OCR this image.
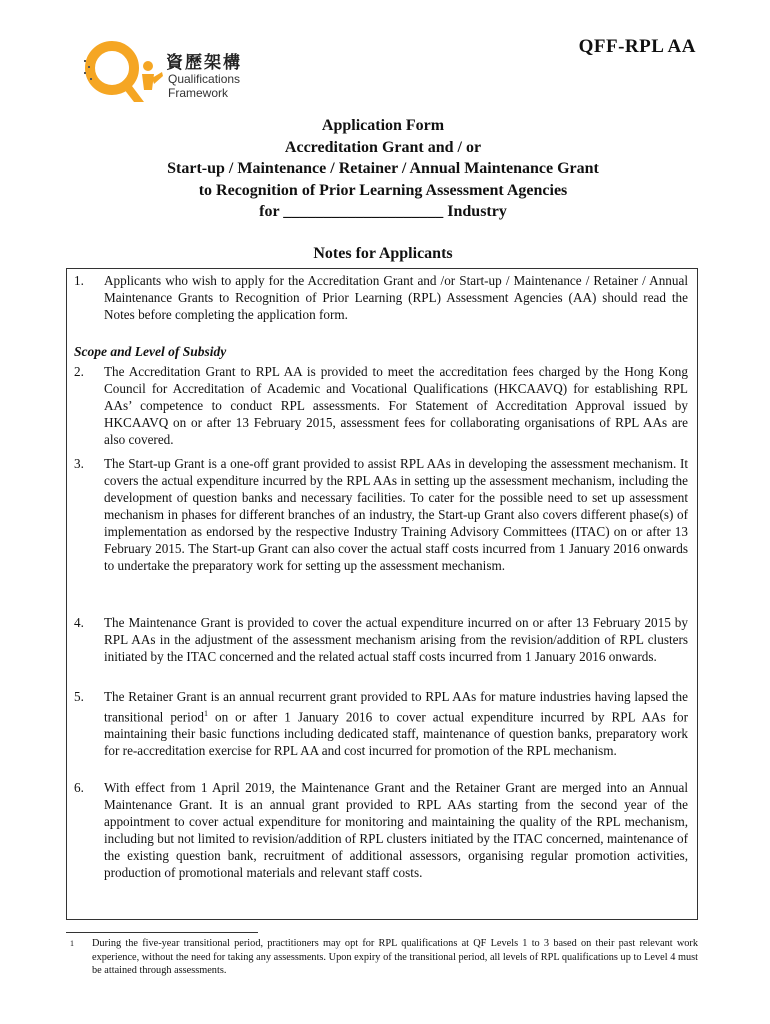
資歷架構
Qualifications
Framework
QFF-RPL AA
Application Form
Accreditation Grant and / or
Start-up / Maintenance / Retainer / Annual Maintenance Grant
to Recognition of Prior Learning Assessment Agencies
for ____________________ Industry
Notes for Applicants
1. Applicants who wish to apply for the Accreditation Grant and /or Start-up / Maintenance / Retainer / Annual Maintenance Grants to Recognition of Prior Learning (RPL) Assessment Agencies (AA) should read the Notes before completing the application form.
Scope and Level of Subsidy
2. The Accreditation Grant to RPL AA is provided to meet the accreditation fees charged by the Hong Kong Council for Accreditation of Academic and Vocational Qualifications (HKCAAVQ) for establishing RPL AAs’ competence to conduct RPL assessments. For Statement of Accreditation Approval issued by HKCAAVQ on or after 13 February 2015, assessment fees for collaborating organisations of RPL AAs are also covered.
3. The Start-up Grant is a one-off grant provided to assist RPL AAs in developing the assessment mechanism. It covers the actual expenditure incurred by the RPL AAs in setting up the assessment mechanism, including the development of question banks and necessary facilities. To cater for the possible need to set up assessment mechanism in phases for different branches of an industry, the Start-up Grant also covers different phase(s) of implementation as endorsed by the respective Industry Training Advisory Committees (ITAC) on or after 13 February 2015. The Start-up Grant can also cover the actual staff costs incurred from 1 January 2016 onwards to undertake the preparatory work for setting up the assessment mechanism.
4. The Maintenance Grant is provided to cover the actual expenditure incurred on or after 13 February 2015 by RPL AAs in the adjustment of the assessment mechanism arising from the revision/addition of RPL clusters initiated by the ITAC concerned and the related actual staff costs incurred from 1 January 2016 onwards.
5. The Retainer Grant is an annual recurrent grant provided to RPL AAs for mature industries having lapsed the transitional period$^1$ on or after 1 January 2016 to cover actual expenditure incurred by RPL AAs for maintaining their basic functions including dedicated staff, maintenance of question banks, preparatory work for re-accreditation exercise for RPL AA and cost incurred for promotion of the RPL mechanism.
6. With effect from 1 April 2019, the Maintenance Grant and the Retainer Grant are merged into an Annual Maintenance Grant. It is an annual grant provided to RPL AAs starting from the second year of the appointment to cover actual expenditure for monitoring and maintaining the quality of the RPL mechanism, including but not limited to revision/addition of RPL clusters initiated by the ITAC concerned, maintenance of the existing question bank, recruitment of additional assessors, organising regular promotion activities, production of promotional materials and relevant staff costs.
1 During the five-year transitional period, practitioners may opt for RPL qualifications at QF Levels 1 to 3 based on their past relevant work experience, without the need for taking any assessments. Upon expiry of the transitional period, all levels of RPL qualifications up to Level 4 must be attained through assessments.
